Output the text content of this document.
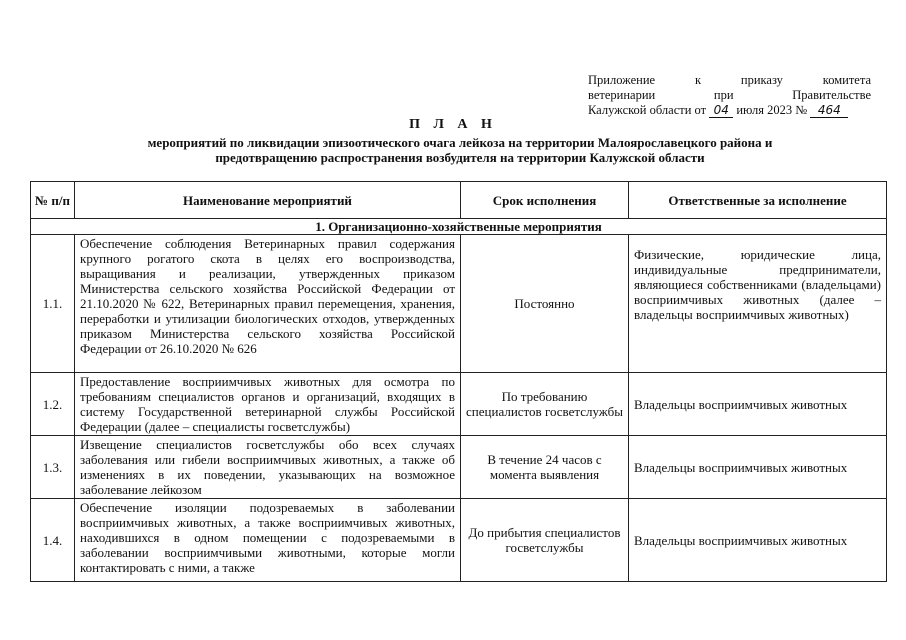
Приложение к приказу комитета
ветеринарии при Правительстве
Калужской области от 04 июля 2023 № 464
П Л А Н
мероприятий по ликвидации эпизоотического очага лейкоза на территории Малоярославецкого района и предотвращению распространения возбудителя на территории Калужской области
№ п/п	Наименование мероприятий	Срок исполнения	Ответственные за исполнение
1. Организационно-хозяйственные мероприятия			
1.1.	Обеспечение соблюдения Ветеринарных правил содержания крупного рогатого скота в целях его воспроизводства, выращивания и реализации, утвержденных приказом Министерства сельского хозяйства Российской Федерации от 21.10.2020 № 622, Ветеринарных правил перемещения, хранения, переработки и утилизации биологических отходов, утвержденных приказом Министерства сельского хозяйства Российской Федерации от 26.10.2020 № 626	Постоянно	Физические, юридические лица, индивидуальные предприниматели, являющиеся собственниками (владельцами) восприимчивых животных (далее – владельцы восприимчивых животных)
1.2.	Предоставление восприимчивых животных для осмотра по требованиям специалистов органов и организаций, входящих в систему Государственной ветеринарной службы Российской Федерации (далее – специалисты госветслужбы)	По требованию специалистов госветслужбы	Владельцы восприимчивых животных
1.3.	Извещение специалистов госветслужбы обо всех случаях заболевания или гибели восприимчивых животных, а также об изменениях в их поведении, указывающих на возможное заболевание лейкозом	В течение 24 часов с момента выявления	Владельцы восприимчивых животных
1.4.	Обеспечение изоляции подозреваемых в заболевании восприимчивых животных, а также восприимчивых животных, находившихся в одном помещении с подозреваемыми в заболевании восприимчивыми животными, которые могли контактировать с ними, а также	До прибытия специалистов госветслужбы	Владельцы восприимчивых животных
